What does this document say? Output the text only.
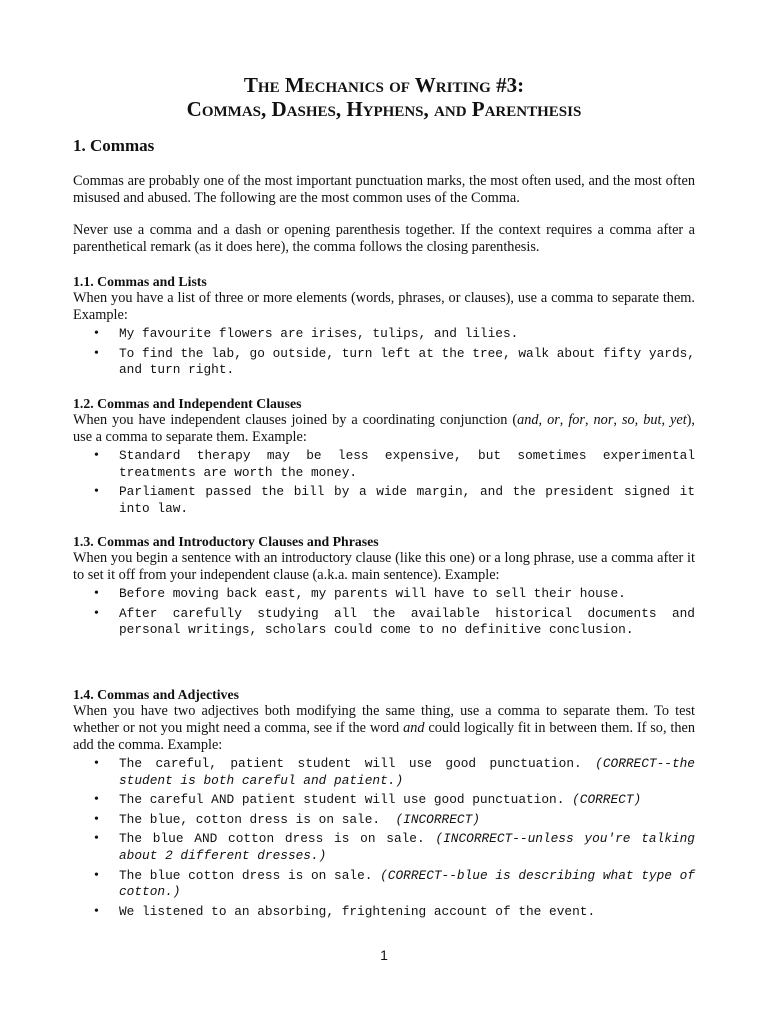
The Mechanics of Writing #3:
Commas, Dashes, Hyphens, and Parenthesis
1. Commas
Commas are probably one of the most important punctuation marks, the most often used, and the most often misused and abused. The following are the most common uses of the Comma.
Never use a comma and a dash or opening parenthesis together. If the context requires a comma after a parenthetical remark (as it does here), the comma follows the closing parenthesis.
1.1. Commas and Lists
When you have a list of three or more elements (words, phrases, or clauses), use a comma to separate them. Example:
• My favourite flowers are irises, tulips, and lilies.
• To find the lab, go outside, turn left at the tree, walk about fifty yards, and turn right.
1.2. Commas and Independent Clauses
When you have independent clauses joined by a coordinating conjunction (and, or, for, nor, so, but, yet), use a comma to separate them. Example:
• Standard therapy may be less expensive, but sometimes experimental treatments are worth the money.
• Parliament passed the bill by a wide margin, and the president signed it into law.
1.3. Commas and Introductory Clauses and Phrases
When you begin a sentence with an introductory clause (like this one) or a long phrase, use a comma after it to set it off from your independent clause (a.k.a. main sentence). Example:
• Before moving back east, my parents will have to sell their house.
• After carefully studying all the available historical documents and personal writings, scholars could come to no definitive conclusion.
1.4. Commas and Adjectives
When you have two adjectives both modifying the same thing, use a comma to separate them. To test whether or not you might need a comma, see if the word and could logically fit in between them. If so, then add the comma. Example:
• The careful, patient student will use good punctuation. (CORRECT--the student is both careful and patient.)
• The careful AND patient student will use good punctuation. (CORRECT)
• The blue, cotton dress is on sale.  (INCORRECT)
• The blue AND cotton dress is on sale. (INCORRECT--unless you're talking about 2 different dresses.)
• The blue cotton dress is on sale. (CORRECT--blue is describing what type of cotton.)
• We listened to an absorbing, frightening account of the event.
1
